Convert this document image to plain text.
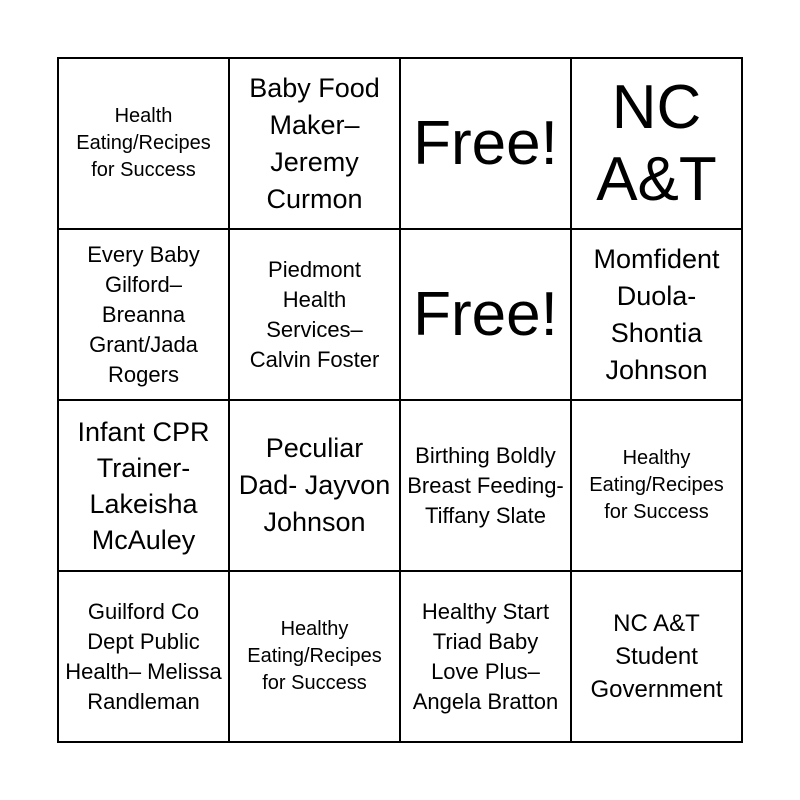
Health Eating/Recipes for Success
Baby Food Maker– Jeremy Curmon
Free!
NC A&T
Every Baby Gilford– Breanna Grant/Jada Rogers
Piedmont Health Services– Calvin Foster
Free!
Momfident Duola- Shontia Johnson
Infant CPR Trainer- Lakeisha McAuley
Peculiar Dad- Jayvon Johnson
Birthing Boldly Breast Feeding- Tiffany Slate
Healthy Eating/Recipes for Success
Guilford Co Dept Public Health– Melissa Randleman
Healthy Eating/Recipes for Success
Healthy Start Triad Baby Love Plus– Angela Bratton
NC A&T Student Government
